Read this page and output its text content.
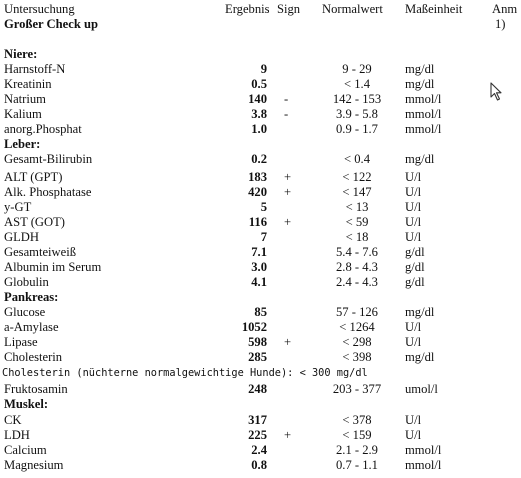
Untersuchung	Ergebnis Sign Normalwert Maßeinheit Anm
Großer Check up	1)
Niere:
Harnstoff-N	9	9 - 29	mg/dl
Kreatinin	0.5	< 1.4	mg/dl
Natrium	140 -	142 - 153	mmol/l
Kalium	3.8 -	3.9 - 5.8	mmol/l
anorg.Phosphat	1.0	0.9 - 1.7	mmol/l
Leber:
Gesamt-Bilirubin	0.2	< 0.4	mg/dl
ALT (GPT)	183 +	< 122	U/l
Alk. Phosphatase	420 +	< 147	U/l
y-GT	5	< 13	U/l
AST (GOT)	116 +	< 59	U/l
GLDH	7	< 18	U/l
Gesamteiweiß	7.1	5.4 - 7.6	g/dl
Albumin im Serum	3.0	2.8 - 4.3	g/dl
Globulin	4.1	2.4 - 4.3	g/dl
Pankreas:
Glucose	85	57 - 126	mg/dl
a-Amylase	1052	< 1264	U/l
Lipase	598 +	< 298	U/l
Cholesterin	285	< 398	mg/dl
Cholesterin (nüchterne normalgewichtige Hunde): < 300 mg/dl
Fruktosamin	248	203 - 377	umol/l
Muskel:
CK	317	< 378	U/l
LDH	225 +	< 159	U/l
Calcium	2.4	2.1 - 2.9	mmol/l
Magnesium	0.8	0.7 - 1.1	mmol/l
